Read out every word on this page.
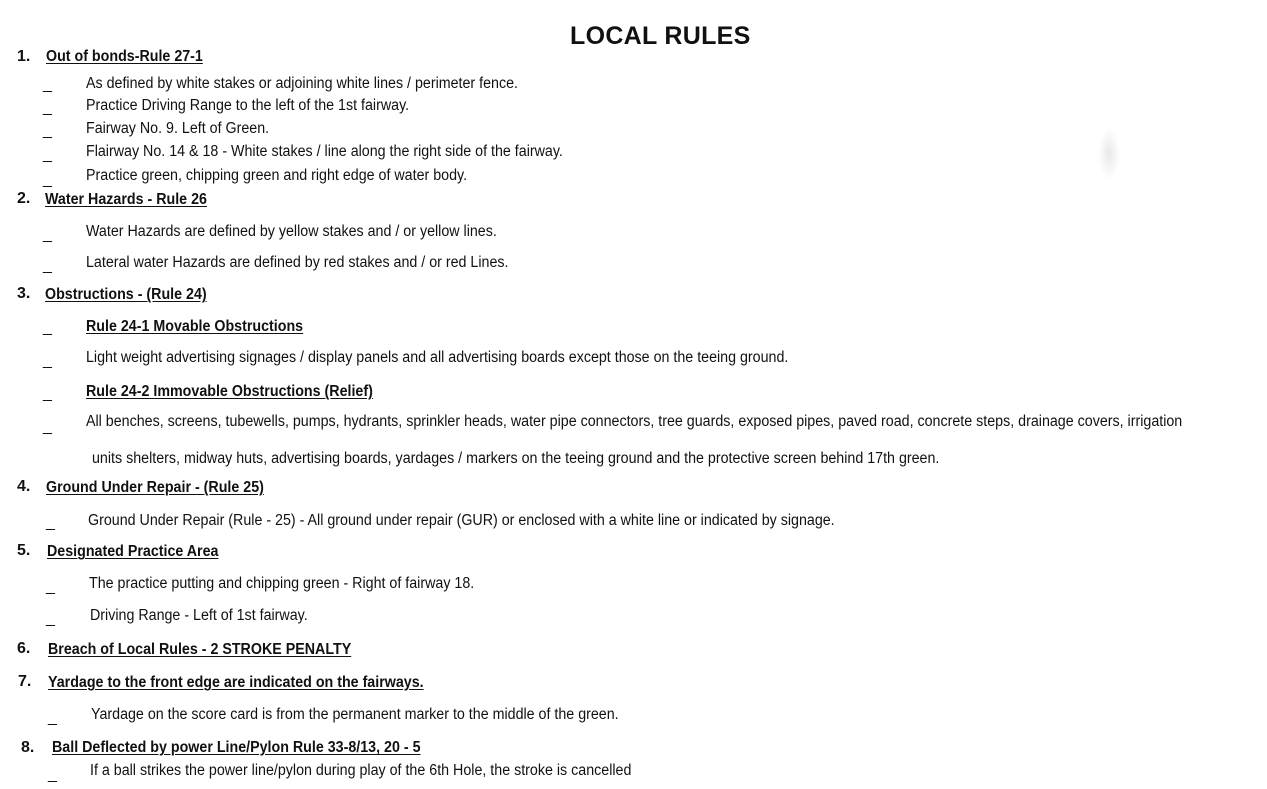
LOCAL RULES
1. Out of bonds-Rule 27-1
_ As defined by white stakes or adjoining white lines / perimeter fence.
_ Practice Driving Range to the left of the 1st fairway.
_ Fairway No. 9. Left of Green.
_ Flairway No. 14 & 18 - White stakes / line along the right side of the fairway.
_ Practice green, chipping green and right edge of water body.
2. Water Hazards - Rule 26
_ Water Hazards are defined by yellow stakes and / or yellow lines.
_ Lateral water Hazards are defined by red stakes and / or red Lines.
3. Obstructions - (Rule 24)
_ Rule 24-1 Movable Obstructions
_ Light weight advertising signages / display panels and all advertising boards except those on the teeing ground.
_ Rule 24-2 Immovable Obstructions (Relief)
_ All benches, screens, tubewells, pumps, hydrants, sprinkler heads, water pipe connectors, tree guards, exposed pipes, paved road, concrete steps, drainage covers, irrigation
units shelters, midway huts, advertising boards, yardages / markers on the teeing ground and the protective screen behind 17th green.
4. Ground Under Repair - (Rule 25)
_ Ground Under Repair (Rule - 25) - All ground under repair (GUR) or enclosed with a white line or indicated by signage.
5. Designated Practice Area
_ The practice putting and chipping green - Right of fairway 18.
_ Driving Range - Left of 1st fairway.
6. Breach of Local Rules - 2 STROKE PENALTY
7. Yardage to the front edge are indicated on the fairways.
_ Yardage on the score card is from the permanent marker to the middle of the green.
8. Ball Deflected by power Line/Pylon Rule 33-8/13, 20 - 5
_ If a ball strikes the power line/pylon during play of the 6th Hole, the stroke is cancelled
